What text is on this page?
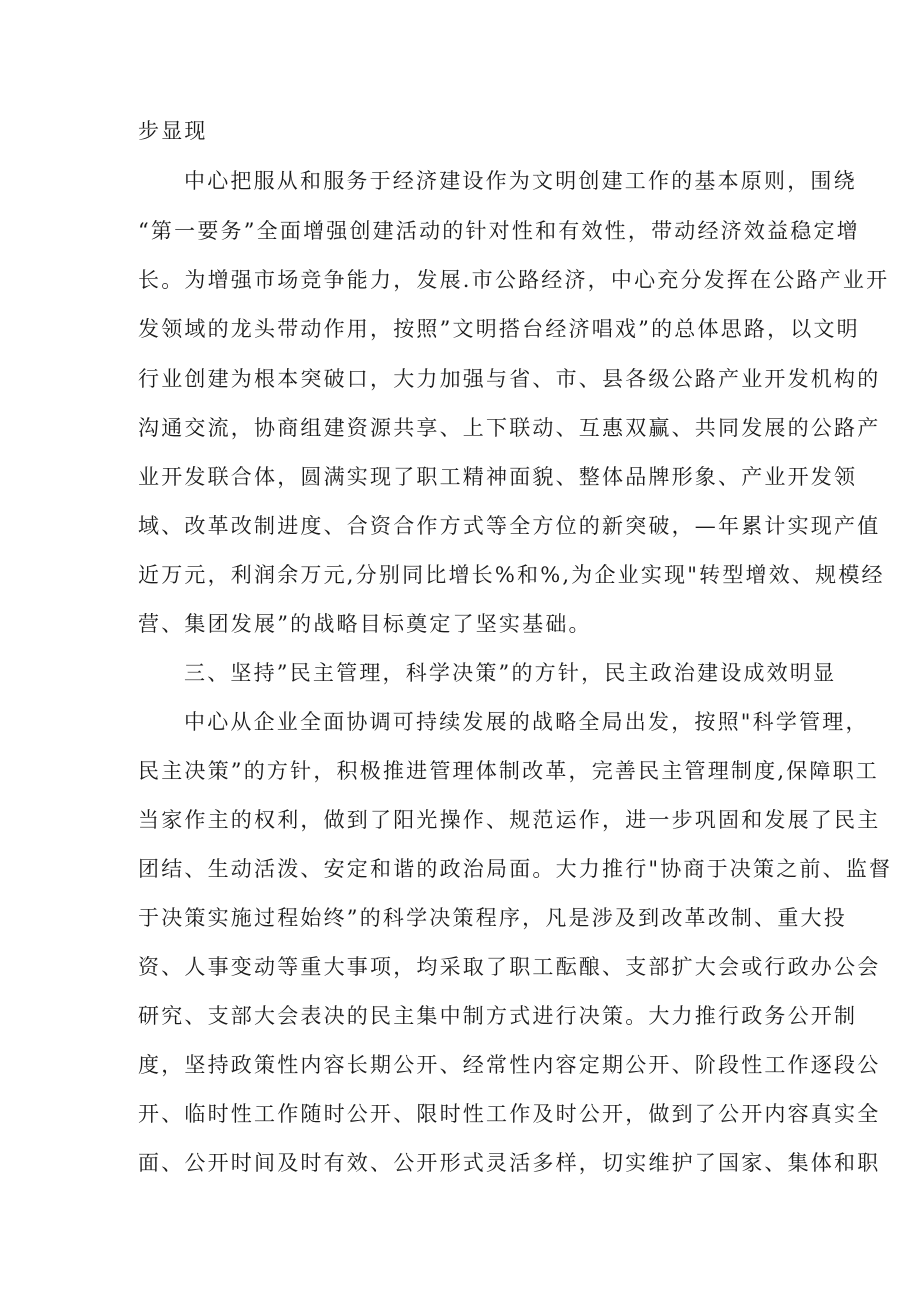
步显现
中心把服从和服务于经济建设作为文明创建工作的基本原则，围绕
“第一要务”全面增强创建活动的针对性和有效性，带动经济效益稳定增
长。为增强市场竞争能力，发展.市公路经济，中心充分发挥在公路产业开
发领域的龙头带动作用，按照”文明搭台经济唱戏”的总体思路，以文明
行业创建为根本突破口，大力加强与省、市、县各级公路产业开发机构的
沟通交流，协商组建资源共享、上下联动、互惠双赢、共同发展的公路产
业开发联合体，圆满实现了职工精神面貌、整体品牌形象、产业开发领
域、改革改制进度、合资合作方式等全方位的新突破，—年累计实现产值
近万元，利润余万元,分别同比增长%和%,为企业实现"转型增效、规模经
营、集团发展”的战略目标奠定了坚实基础。
三、坚持”民主管理，科学决策”的方针，民主政治建设成效明显
中心从企业全面协调可持续发展的战略全局出发，按照"科学管理，
民主决策”的方针，积极推进管理体制改革，完善民主管理制度,保障职工
当家作主的权利，做到了阳光操作、规范运作，进一步巩固和发展了民主
团结、生动活泼、安定和谐的政治局面。大力推行"协商于决策之前、监督
于决策实施过程始终”的科学决策程序，凡是涉及到改革改制、重大投
资、人事变动等重大事项，均采取了职工酝酿、支部扩大会或行政办公会
研究、支部大会表决的民主集中制方式进行决策。大力推行政务公开制
度，坚持政策性内容长期公开、经常性内容定期公开、阶段性工作逐段公
开、临时性工作随时公开、限时性工作及时公开，做到了公开内容真实全
面、公开时间及时有效、公开形式灵活多样，切实维护了国家、集体和职
